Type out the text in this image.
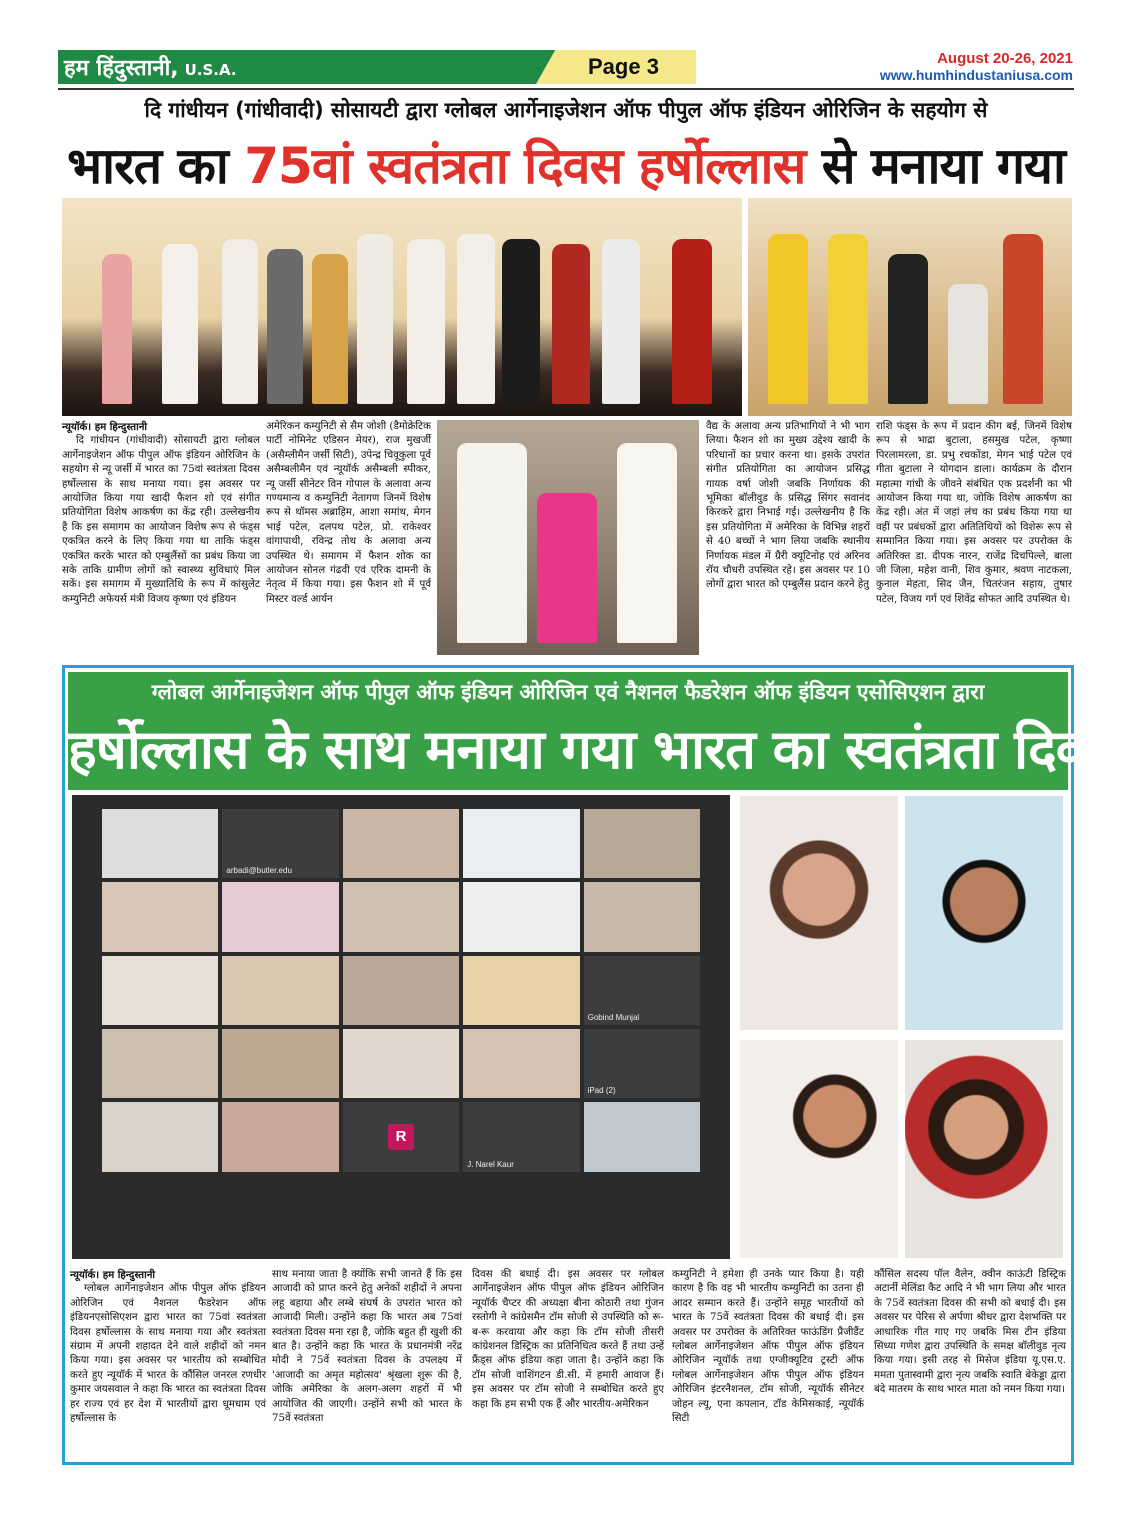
हम हिंदुस्तानी, U.S.A.	Page 3	August 20-26, 2021
www.humhindustaniusa.com
दि गांधीयन (गांधीवादी) सोसायटी द्वारा ग्लोबल आर्गेनाइजेशन ऑफ पीपुल ऑफ इंडियन ओरिजिन के सहयोग से
भारत का 75वां स्वतंत्रता दिवस हर्षोल्लास से मनाया गया
न्यूयॉर्क। हम हिन्दुस्तानी

दि गांधीयन (गांधीवादी) सोसायटी द्वारा ग्लोबल आर्गेनाइजेशन ऑफ पीपुल ऑफ इंडियन ओरिजिन के सहयोग से न्यू जर्सी में भारत का 75वां स्वतंत्रता दिवस हर्षोल्लास के साथ मनाया गया। इस अवसर पर आयोजित किया गया खादी फैशन शो एवं संगीत प्रतियोगिता विशेष आकर्षण का केंद्र रही। उल्लेखनीय है कि इस समागम का आयोजन विशेष रूप से फंड्स एकत्रित करने के लिए किया गया था ताकि फंड्स एकत्रित करके भारत को एम्बुलैंसों का प्रबंध किया जा सके ताकि ग्रामीण लोगों को स्वास्थ्य सुविधाएं मिल सकें। इस समागम में मुख्यातिथि के रूप में कांसुलेट कम्युनिटी अफेयर्स मंत्री विजय कृष्णा एवं इंडियन

अमेरिकन कम्युनिटी से सैम जोशी (डैमोक्रेटिक पार्टी नोमिनेट एडिसन मेयर), राज मुखर्जी (असैम्लीमैन जर्सी सिटी), उपेन्द्र चिवूकुला पूर्व असैम्बलीमैन एवं न्यूयॉर्क असैम्बली स्पीकर, न्यू जर्सी सीनेटर विन गोपाल के अलावा अन्य गण्यमान्य व कम्युनिटी नेतागण जिनमें विशेष रूप से थॉमस अब्राहिम, आशा समांथ, मेगन भाई पटेल, दलपथ पटेल, प्रो. राकेश्वर वांगापाथी, रविन्द्र तोथ के अलावा अन्य उपस्थित थे। समागम में फैशन शोक का आयोजन सोनल गंढवी एवं एरिक दामनी के नेतृत्व में किया गया। इस फैशन शो में पूर्व मिस्टर वर्ल्ड आर्यन
वैद्य के अलावा अन्य प्रतिभागियों ने भी भाग लिया। फैशन शो का मुख्य उद्देश्य खादी के परिधानों का प्रचार करना था। इसके उपरांत संगीत प्रतियोगिता का आयोजन प्रसिद्ध गायक वर्षा जोशी जबकि निर्णायक की भूमिका बॉलीवुड के प्रसिद्ध सिंगर सवानंद किरकरे द्वारा निभाई गई। उल्लेखनीय है कि इस प्रतियोगिता में अमेरिका के विभिन्न शहरों से 40 बच्चों ने भाग लिया जबकि स्थानीय निर्णायक मंडल में ग्रैरी क्यूटिनोह एवं अरिनव रॉय चौधरी उपस्थित रहे। इस अवसर पर 10 लोगों द्वारा भारत को एम्बुलैंस प्रदान करने हेतु
राशि फंड्स के रूप में प्रदान कीग बई, जिनमें विशेष रूप से भाद्रा बुटाला, हसमुख पटेल, कृष्णा पिरलामरला, डा. प्रभु रचकोंडा, मेगन भाई पटेल एवं गीता बुटाला ने योगदान डाला। कार्यक्रम के दौरान महात्मा गांधी के जीवने संबंधित एक प्रदर्शनी का भी आयोजन किया गया था, जोकि विशेष आकर्षण का केंद्र रही। अंत में जहां लंच का प्रबंध किया गया था वहीं पर प्रबंधकों द्वारा अतितिथियों को विशेरू रूप से सम्मानित किया गया। इस अवसर पर उपरोक्त के अतिरिक्त डा. दीपक नारन, राजेंद्र दिचपिल्ले, बाला जी जिला, महेश वानी, शिव कुमार, श्रवण नाटकला, कुनाल मेहता, सिद जैन, चितरंजन सहाय, तुषार पटेल, विजय गर्ग एवं शिवेंद्र सोफत आदि उपस्थित थे।
ग्लोबल आर्गेनाइजेशन ऑफ पीपुल ऑफ इंडियन ओरिजिन एवं नैशनल फैडरेशन ऑफ इंडियन एसोसिएशन द्वारा
हर्षोल्लास के साथ मनाया गया भारत का स्वतंत्रता दिवस
arbadi@butler.edu
Gobind Munjal
iPad (2)
R
J. Narel Kaur
न्यूयॉर्क। हम हिन्दुस्तानी

ग्लोबल आर्गेनाइजेशन ऑफ पीपुल ऑफ इंडियन ओरिजिन एवं नैशनल फैडरेशन ऑफ इंडियनएसोसिएशन द्वारा भारत का 75वां स्वतंत्रता दिवस हर्षोल्लास के साथ मनाया गया और स्वतंत्रता संग्राम में अपनी शहादत देने वाले शहीदों को नमन किया गया। इस अवसर पर भारतीय को सम्बोधित करते हुए न्यूयॉर्क में भारत के कौंसिल जनरल रणधीर कुमार जयसवाल ने कहा कि भारत का स्वतंत्रता दिवस हर राज्य एवं हर देश में भारतीयों द्वारा धूमधाम एवं हर्षोल्लास के

साथ मनाया जाता है क्योंकि सभी जानते हैं कि इस आजादी को प्राप्त करने हेतु अनेकों शहीदों ने अपना लहू बहाया और लम्बे संघर्ष के उपरांत भारत को आजादी मिली। उन्होंने कहा कि भारत अब 75वां स्वतंत्रता दिवस मना रहा है, जोकि बहुत ही खुशी की बात है। उन्होंने कहा कि भारत के प्रधानमंत्री नरेंद्र मोदी ने 75वें स्वतंत्रता दिवस के उपलक्ष्य में 'आजादी का अमृत महोत्सव' श्रृंखला शुरू की है, जोकि अमेरिका के अलग-अलग शहरों में भी आयोजित की जाएगी। उन्होंने सभी को भारत के 75वें स्वतंत्रता
दिवस की बधाई दी। इस अवसर पर ग्लोबल आर्गेनाइजेशन ऑफ पीपुल ऑफ इंडियन ओरिजिन न्यूयॉर्क चैप्टर की अध्यक्षा बीना कोठारी तथा गुंजन रस्तोगी ने कांग्रेसमैन टॉम सोजी से उपस्थिति को रू-ब-रू करवाया और कहा कि टॉम सोजी तीसरी कांग्रेशनल डिस्ट्रिक का प्रतिनिधित्व करते हैं तथा उन्हें फ्रैंड्स ऑफ इंडिया कहा जाता है। उन्होंने कहा कि टॉम सोजी वाशिंगटन डी.सी. में हमारी आवाज हैं। इस अवसर पर टॉम सोजी ने सम्बोधित करते हुए कहा कि हम सभी एक हैं और भारतीय-अमेरिकन
कम्युनिटी ने हमेशा ही उनके प्यार किया है। यही कारण है कि वह भी भारतीय कम्युनिटी का उतना ही आदर सम्मान करते हैं। उन्होंने समूह भारतीयों को भारत के 75वें स्वतंत्रता दिवस की बधाई दी। इस अवसर पर उपरोक्त के अतिरिक्त फाऊंडिंग प्रैजीडैंट ग्लोबल आर्गेनाइजेशन ऑफ पीपुल ऑफ इंडियन ओरिजिन न्यूयॉर्क तथा एग्जीक्यूटिव ट्रस्टी ऑफ ग्लोबल आर्गेनाइजेशन ऑफ पीपुल ऑफ इंडियन ओरिजिन इंटरनैशनल, टॉम सोजी, न्यूयॉर्क सीनेटर जोहन ल्यू, एना कपलान, टॉड केमिसकाई, न्यूयॉर्क सिटी
कौंसिल सदस्य पॉल वैलेन, क्वीन काऊंटी डिस्ट्रिक अटार्नी मेलिंडा कैट आदि ने भी भाग लिया और भारत के 75वें स्वतंत्रता दिवस की सभी को बधाई दी। इस अवसर पर पेरिस से अर्पणा श्रीधर द्वारा देशभक्ति पर आधारिक गीत गाए गए जबकि मिस टीन इंडिया सिध्या गणेश द्वारा उपस्थिति के समक्ष बॉलीवुड नृत्य किया गया। इसी तरह से मिसेज इंडिया यू.एस.ए. ममता पुतास्वामी द्वारा नृत्य जबकि स्वाति बेकेड्डा द्वारा बंदे मातरम के साथ भारत माता को नमन किया गया।
